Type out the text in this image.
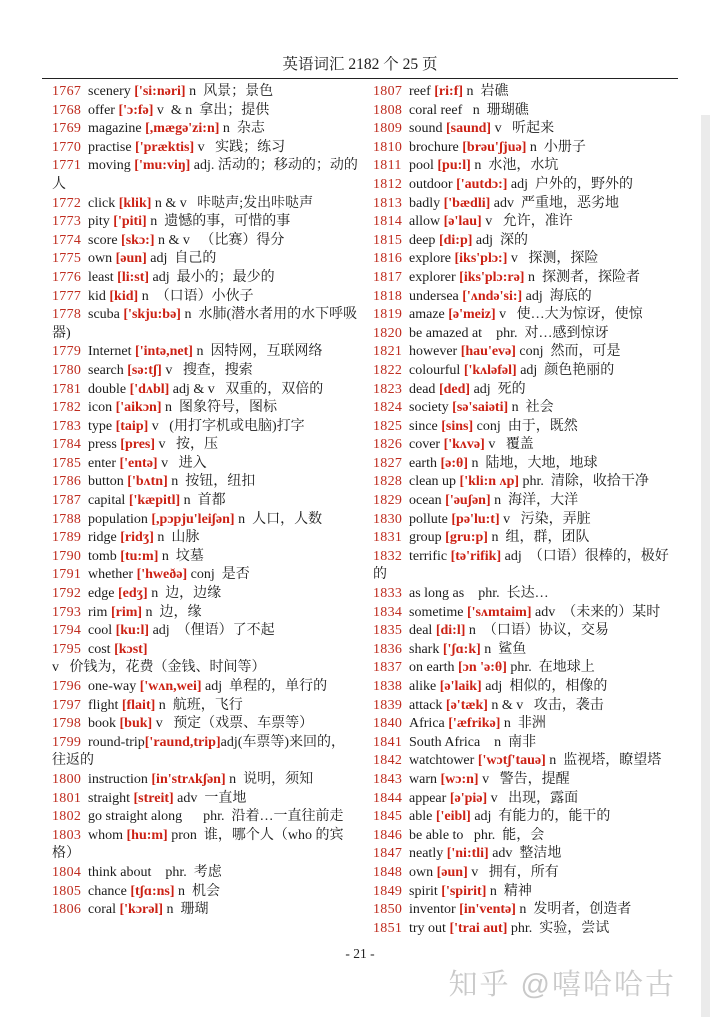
英语词汇 2182 个 25 页
1767 scenery ['si:nəri] n  风景；景色
1768 offer ['ɔ:fə] v  & n  拿出；提供
1769 magazine [,mægə'zi:n] n  杂志
1770 practise ['præktis] v   实践；练习
1771 moving ['mu:viŋ] adj. 活动的；移动的；动的人
1772 click [klik] n & v   咔哒声;发出咔哒声
1773 pity ['piti] n  遗憾的事，可惜的事
1774 score [skɔ:] n & v   （比赛）得分
1775 own [əun] adj  自己的
1776 least [li:st] adj  最小的；最少的
1777 kid [kid] n  （口语）小伙子
1778 scuba ['skju:bə] n  水肺(潜水者用的水下呼吸器)
1779 Internet ['intə,net] n  因特网，互联网络
1780 search [sə:tʃ] v   搜查，搜索
1781 double ['dʌbl] adj & v   双重的，双倍的
1782 icon ['aikɔn] n  图象符号，图标
1783 type [taip] v   (用打字机或电脑)打字
1784 press [pres] v   按，压
1785 enter ['entə] v   进入
1786 button ['bʌtn] n  按钮，纽扣
1787 capital ['kæpitl] n  首都
1788 population [,pɔpju'leiʃən] n  人口，人数
1789 ridge [ridʒ] n  山脉
1790 tomb [tu:m] n  坟墓
1791 whether ['hweðə] conj  是否
1792 edge [edʒ] n  边，边缘
1793 rim [rim] n  边，缘
1794 cool [ku:l] adj  （俚语）了不起
1795 cost [kɔst] v   价钱为，花费（金钱、时间等）
1796 one-way ['wʌn,wei] adj  单程的，单行的
1797 flight [flait] n  航班，飞行
1798 book [buk] v   预定（戏票、车票等）
1799 round-trip['raund,trip]adj(车票等)来回的，往返的
1800 instruction [in'strʌkʃən] n  说明，须知
1801 straight [streit] adv  一直地
1802 go straight along      phr.  沿着…一直往前走
1803 whom [hu:m] pron  谁，哪个人（who 的宾格）
1804 think about    phr.  考虑
1805 chance [tʃɑ:ns] n  机会
1806 coral ['kɔrəl] n  珊瑚
1807 reef [ri:f] n  岩礁
1808 coral reef   n  珊瑚礁
1809 sound [saund] v   听起来
1810 brochure [brəu'ʃjuə] n  小册子
1811 pool [pu:l] n  水池，水坑
1812 outdoor ['autdɔ:] adj  户外的，野外的
1813 badly ['bædli] adv  严重地，恶劣地
1814 allow [ə'lau] v   允许，准许
1815 deep [di:p] adj  深的
1816 explore [iks'plɔ:] v   探测，探险
1817 explorer [iks'plɔ:rə] n  探测者，探险者
1818 undersea ['ʌndə'si:] adj  海底的
1819 amaze [ə'meiz] v   使…大为惊讶，使惊
1820 be amazed at    phr.  对…感到惊讶
1821 however [hau'evə] conj  然而，可是
1822 colourful ['kʌləfəl] adj  颜色艳丽的
1823 dead [ded] adj  死的
1824 society [sə'saiəti] n  社会
1825 since [sins] conj  由于，既然
1826 cover ['kʌvə] v   覆盖
1827 earth [ə:θ] n  陆地，大地，地球
1828 clean up ['kli:n ʌp] phr.  清除，收拾干净
1829 ocean ['əuʃən] n  海洋，大洋
1830 pollute [pə'lu:t] v   污染，弄脏
1831 group [gru:p] n  组，群，团队
1832 terrific [tə'rifik] adj  （口语）很棒的，极好的
1833 as long as    phr.  长达…
1834 sometime ['sʌmtaim] adv  （未来的）某时
1835 deal [di:l] n  （口语）协议，交易
1836 shark ['ʃɑ:k] n  鲨鱼
1837 on earth [ɔn 'ə:θ] phr.  在地球上
1838 alike [ə'laik] adj  相似的，相像的
1839 attack [ə'tæk] n & v   攻击，袭击
1840 Africa ['æfrikə] n  非洲
1841 South Africa    n  南非
1842 watchtower ['wɔtʃ'tauə] n  监视塔，瞭望塔
1843 warn [wɔ:n] v   警告，提醒
1844 appear [ə'piə] v   出现，露面
1845 able ['eibl] adj  有能力的，能干的
1846 be able to   phr.  能，会
1847 neatly ['ni:tli] adv  整洁地
1848 own [əun] v   拥有，所有
1849 spirit ['spirit] n  精神
1850 inventor [in'ventə] n  发明者，创造者
1851 try out ['trai aut] phr.  实验，尝试
- 21 -
知乎 @嘻哈哈古
